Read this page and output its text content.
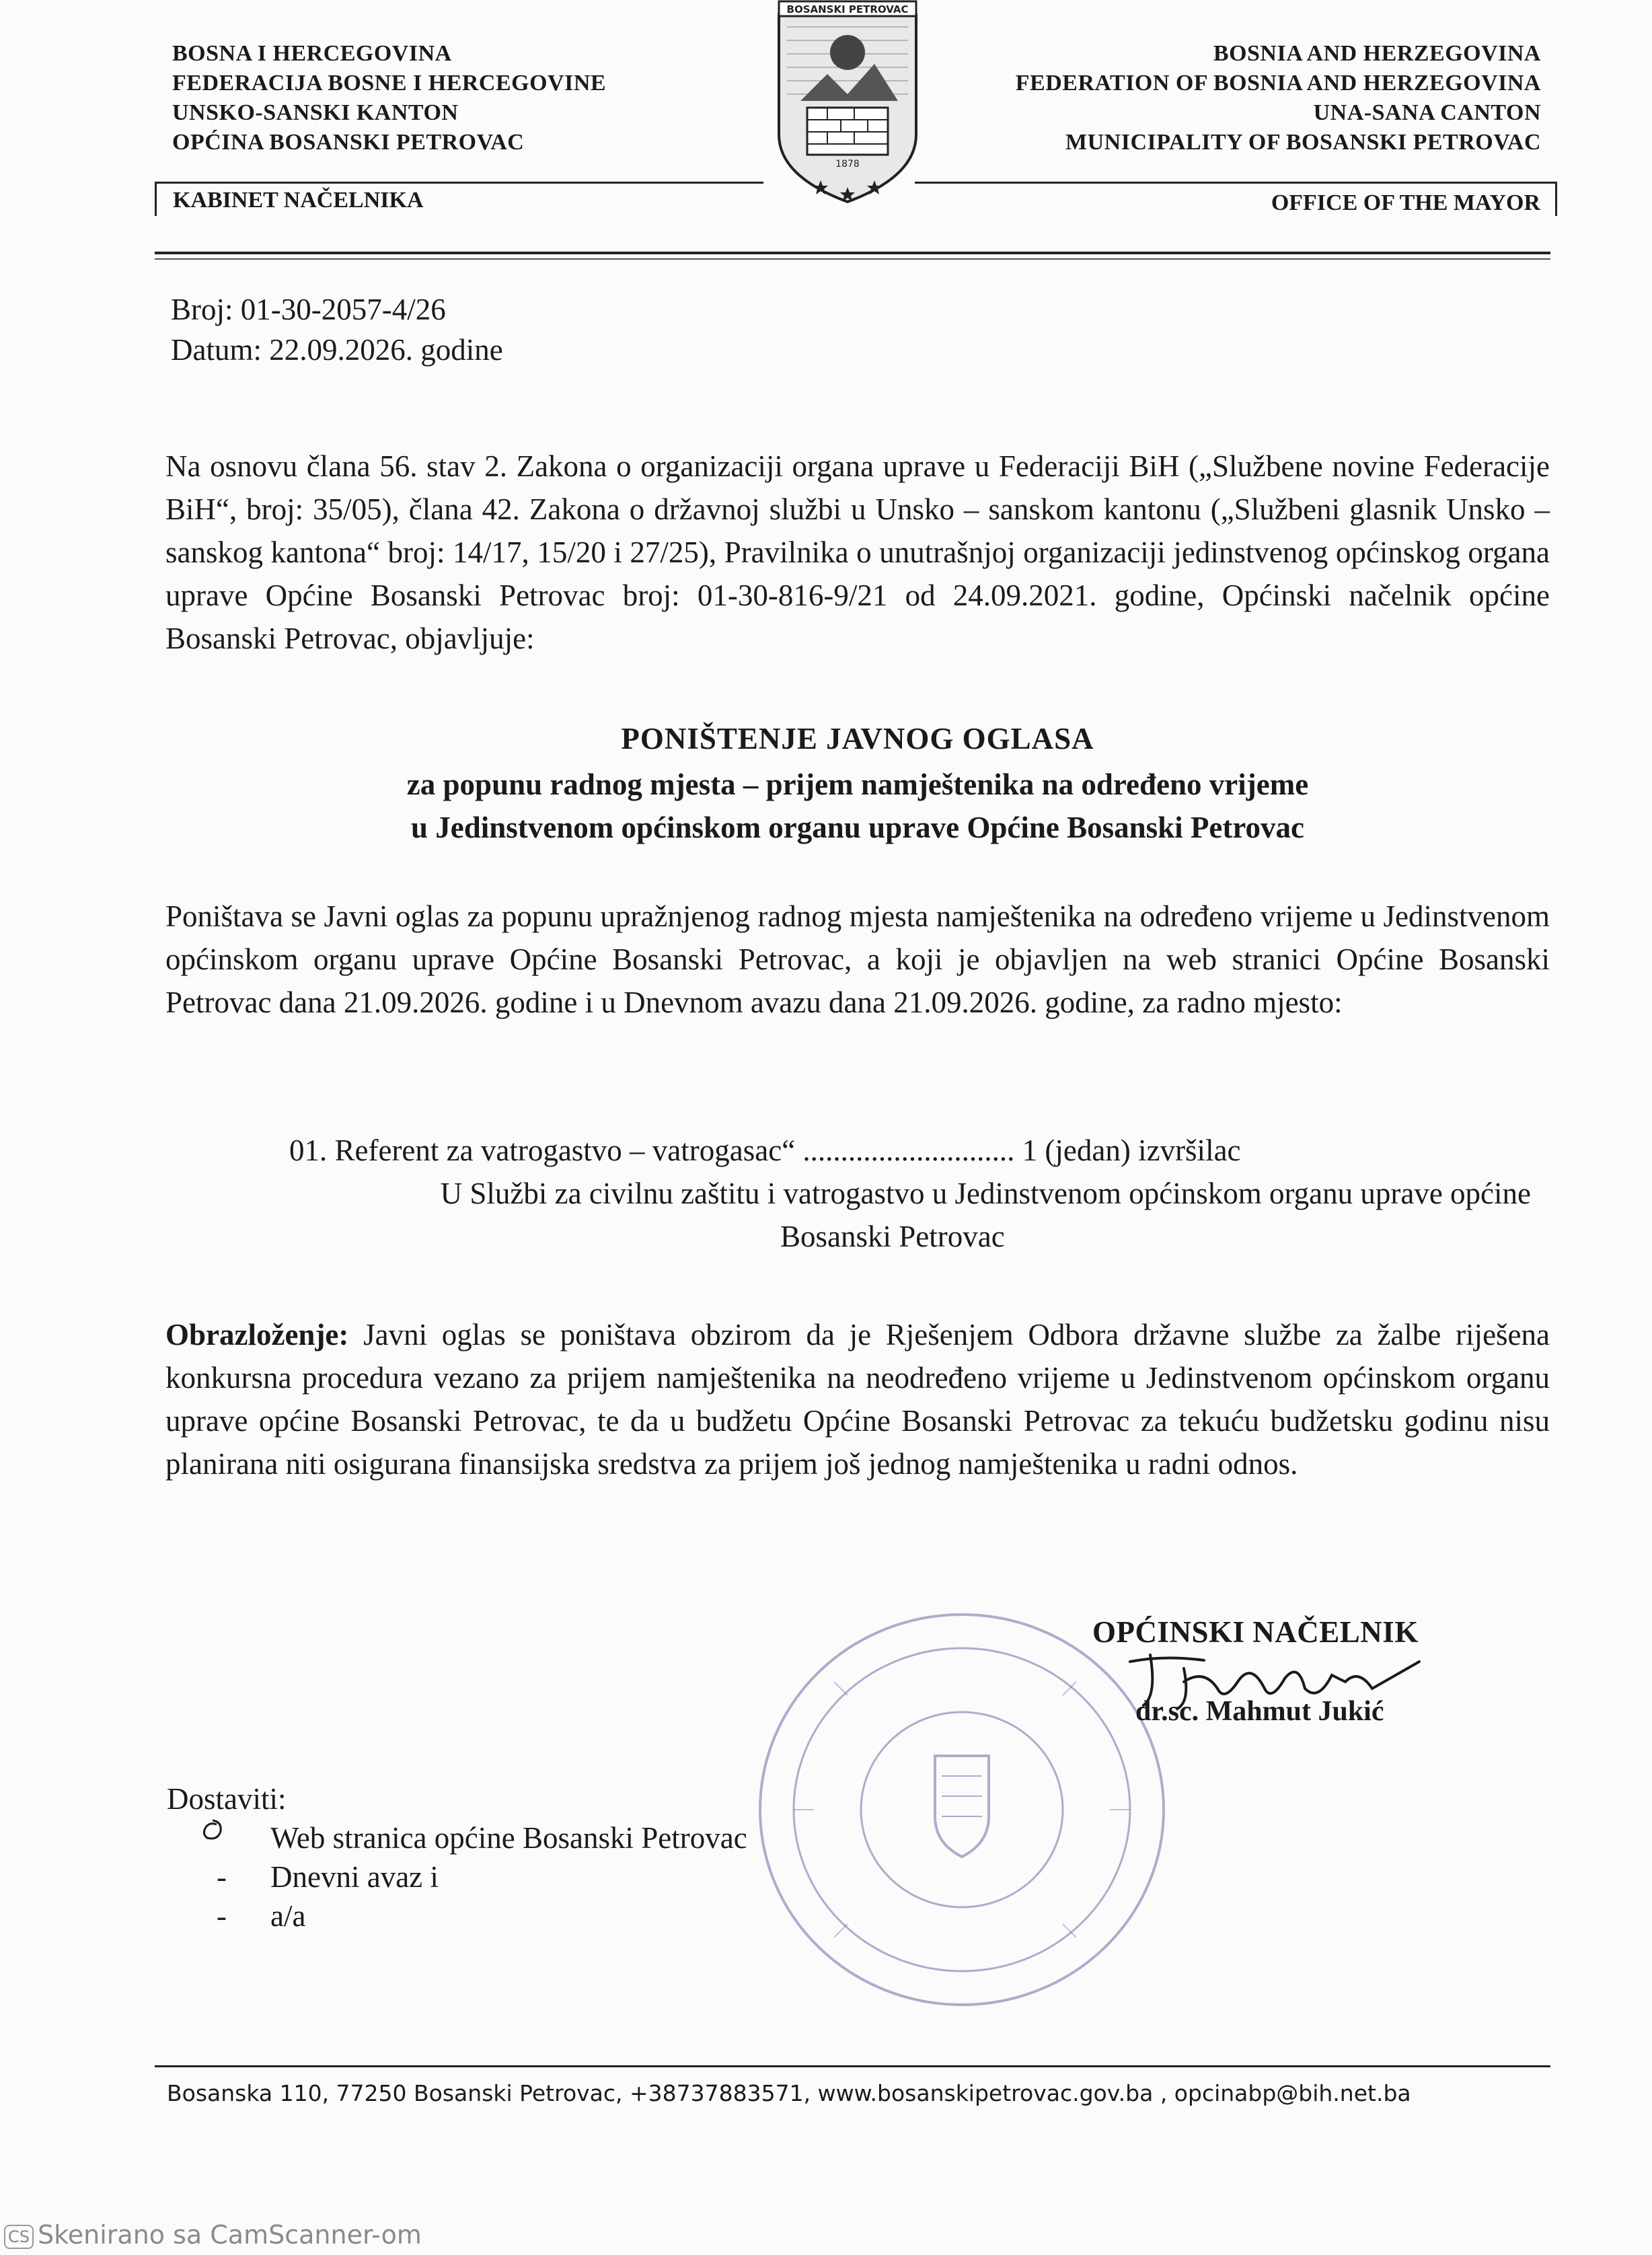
BOSNA I HERCEGOVINA
FEDERACIJA BOSNE I HERCEGOVINE
UNSKO-SANSKI KANTON
OPĆINA BOSANSKI PETROVAC
BOSANSKI PETROVAC
1878
BOSNIA AND HERZEGOVINA
FEDERATION OF BOSNIA AND HERZEGOVINA
UNA-SANA CANTON
MUNICIPALITY OF BOSANSKI PETROVAC
KABINET NAČELNIKA	OFFICE OF THE MAYOR
Broj: 01-30-2057-4/26
Datum: 22.09.2026. godine

Na osnovu člana 56. stav 2. Zakona o organizaciji organa uprave u Federaciji BiH („Službene novine Federacije BiH“, broj: 35/05), člana 42. Zakona o državnoj službi u Unsko – sanskom kantonu („Službeni glasnik Unsko – sanskog kantona“ broj: 14/17, 15/20 i 27/25), Pravilnika o unutrašnjoj organizaciji jedinstvenog općinskog organa uprave Općine Bosanski Petrovac broj: 01-30-816-9/21 od 24.09.2021. godine, Općinski načelnik općine Bosanski Petrovac, objavljuje:

PONIŠTENJE JAVNOG OGLASA
za popunu radnog mjesta – prijem namještenika na određeno vrijeme
u Jedinstvenom općinskom organu uprave Općine Bosanski Petrovac

Poništava se Javni oglas za popunu upražnjenog radnog mjesta namještenika na određeno vrijeme u Jedinstvenom općinskom organu uprave Općine Bosanski Petrovac, a koji je objavljen na web stranici Općine Bosanski Petrovac dana 21.09.2026. godine i u Dnevnom avazu dana 21.09.2026. godine, za radno mjesto:

01. Referent za vatrogastvo – vatrogasac“ ............................ 1 (jedan) izvršilac
U Službi za civilnu zaštitu i vatrogastvo u Jedinstvenom općinskom organu uprave općine
Bosanski Petrovac

Obrazloženje: Javni oglas se poništava obzirom da je Rješenjem Odbora državne službe za žalbe riješena konkursna procedura vezano za prijem namještenika na neodređeno vrijeme u Jedinstvenom općinskom organu uprave općine Bosanski Petrovac, te da u budžetu Općine Bosanski Petrovac za tekuću budžetsku godinu nisu planirana niti osigurana finansijska sredstva za prijem još jednog namještenika u radni odnos.

OPĆINSKI NAČELNIK
dr.sc. Mahmut Jukić
Dostaviti:
Web stranica općine Bosanski Petrovac
- Dnevni avaz i
- a/a
Bosanska 110, 77250 Bosanski Petrovac, +38737883571, www.bosanskipetrovac.gov.ba , opcinabp@bih.net.ba
CS Skenirano sa CamScanner-om
